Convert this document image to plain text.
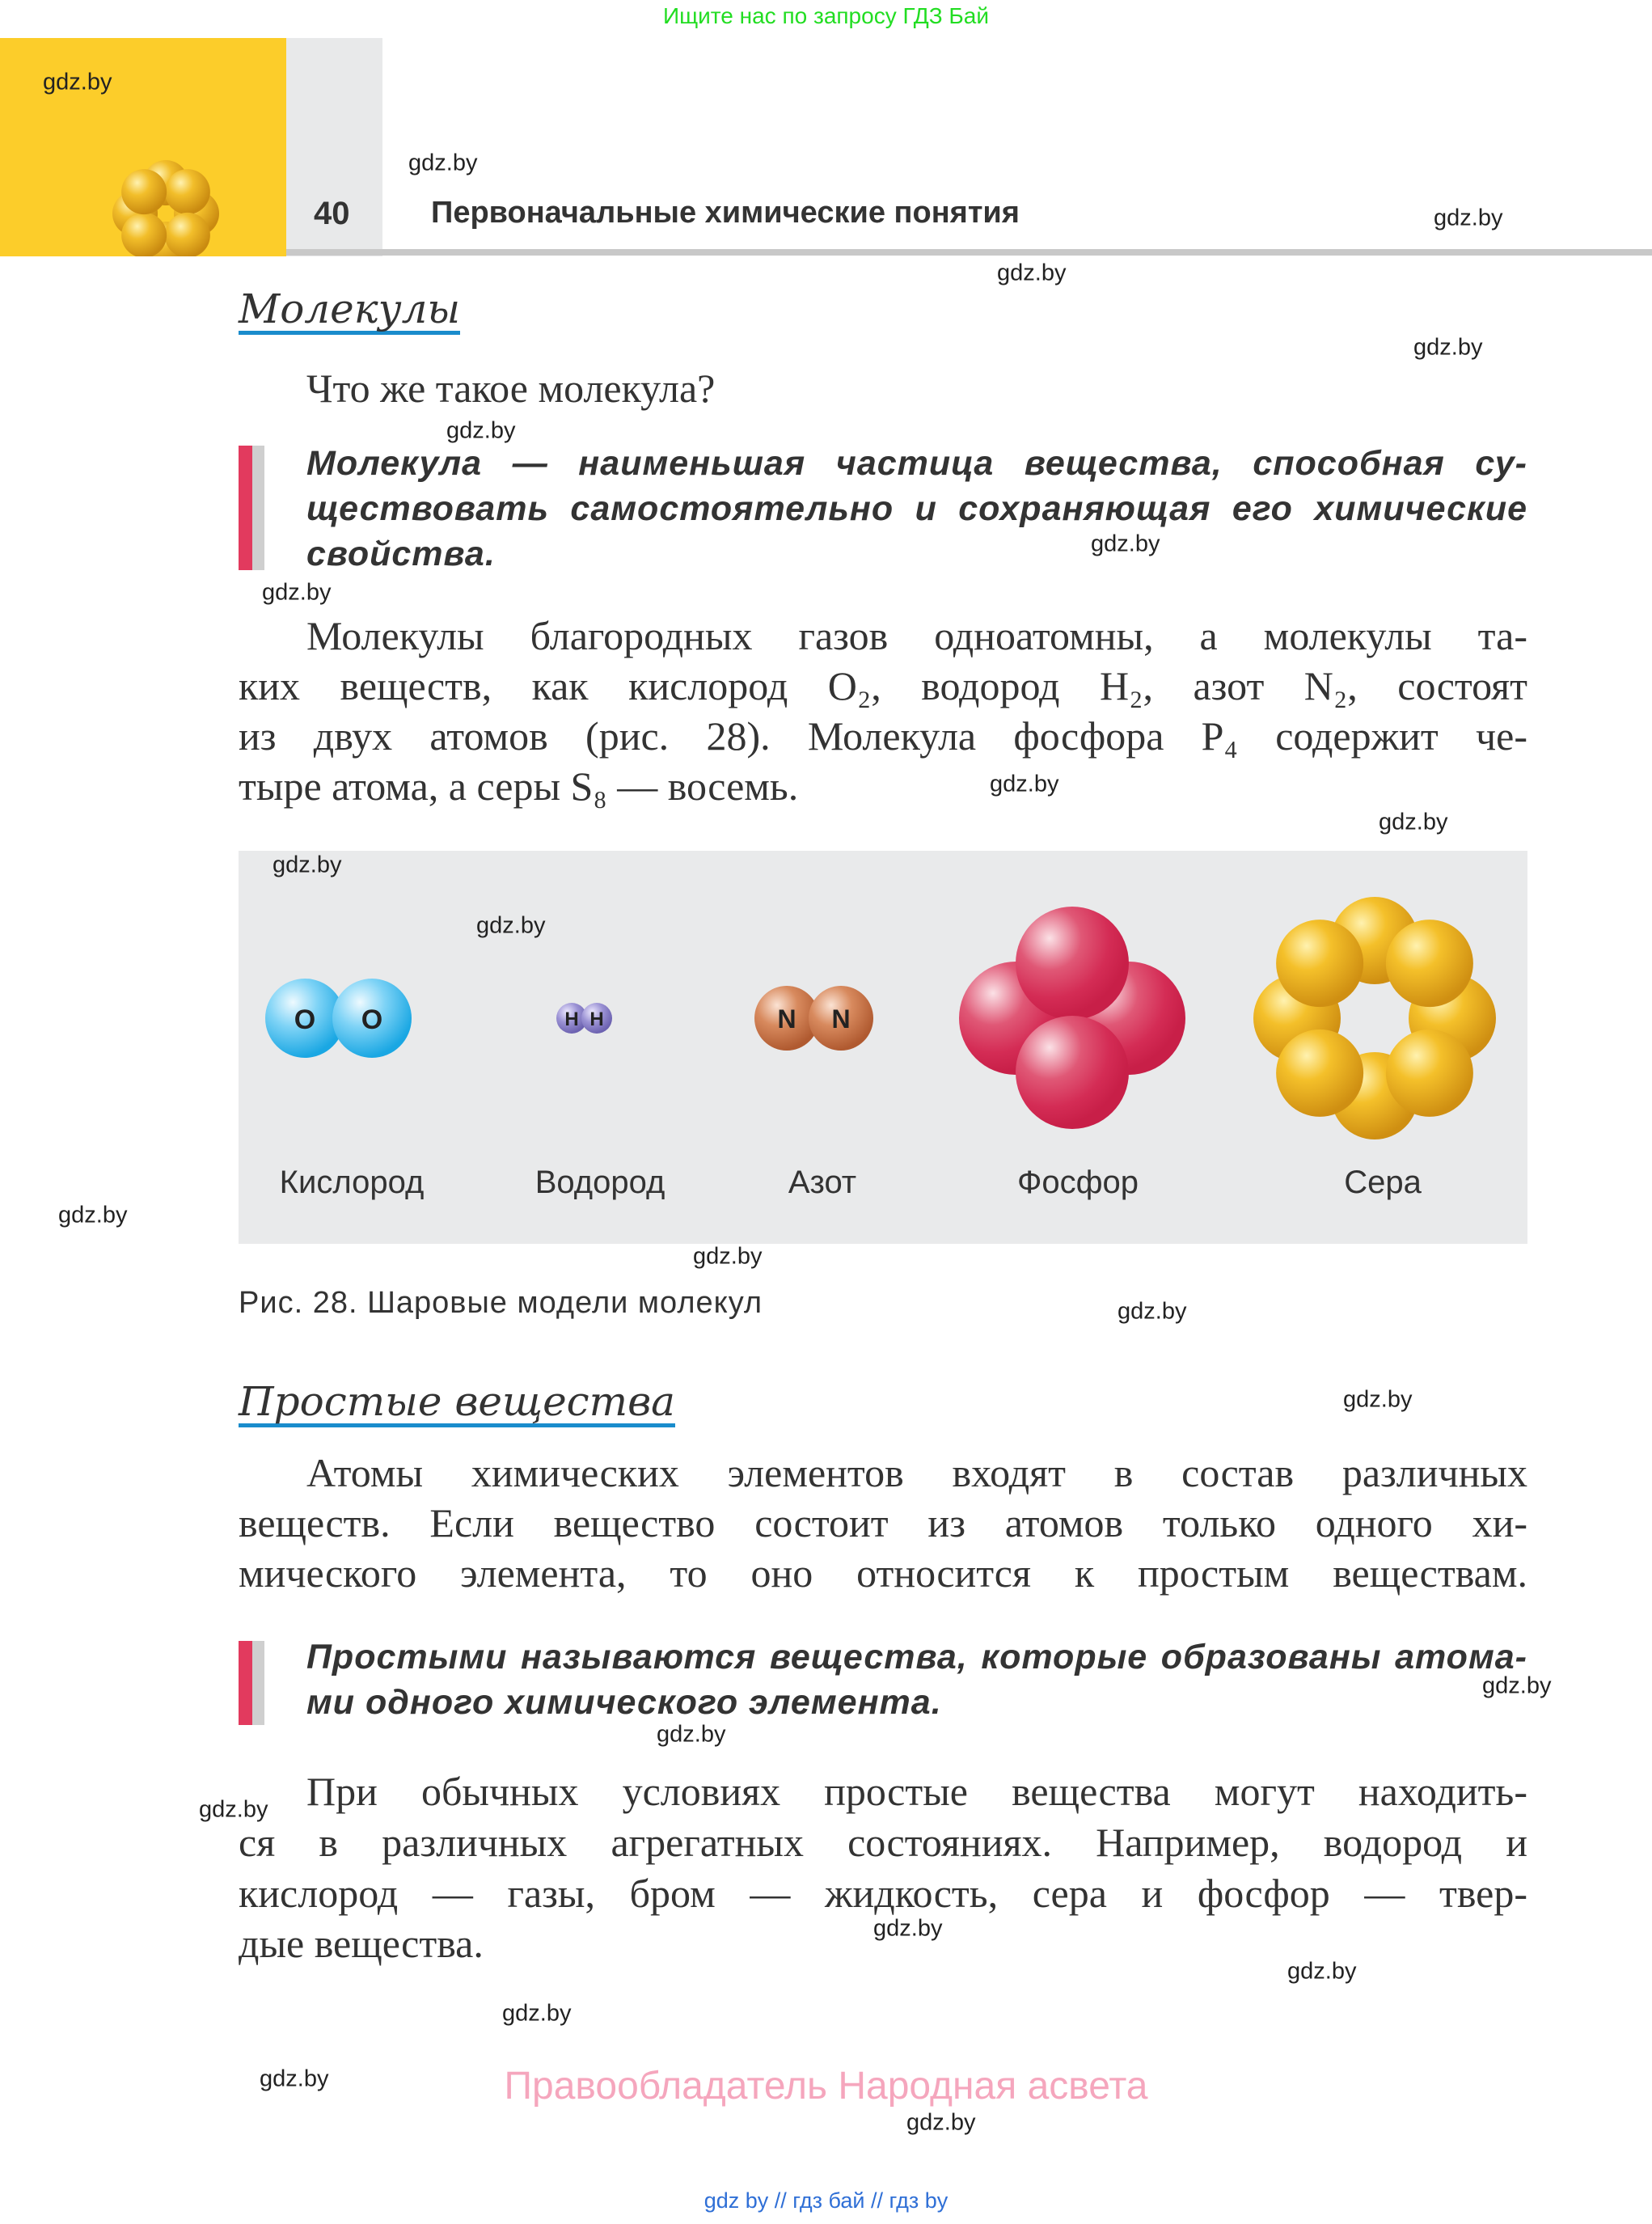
Ищите нас по запросу ГДЗ Бай
40	Первоначальные химические понятия
Молекулы
Что же такое молекула?
Молекула — наименьшая частица вещества, способная су-
ществовать самостоятельно и сохраняющая его химические
свойства.
Молекулы благородных газов одноатомны, а молекулы та-
ких веществ, как кислород O₂, водород H₂, азот N₂, состоят
из двух атомов (рис. 28). Молекула фосфора P₄ содержит че-
тыре атома, а серы S₈ — восемь.
O O	H H	N N
Кислород	Водород	Азот	Фосфор	Сера
Рис. 28. Шаровые модели молекул
Простые вещества
Атомы химических элементов входят в состав различных
веществ. Если вещество состоит из атомов только одного хи-
мического элемента, то оно относится к простым веществам.
Простыми называются вещества, которые образованы атома-
ми одного химического элемента.
При обычных условиях простые вещества могут находить-
ся в различных агрегатных состояниях. Например, водород и
кислород — газы, бром — жидкость, сера и фосфор — твер-
дые вещества.
gdz.by
gdz.by
gdz.by
gdz.by
gdz.by
gdz.by
gdz.by
gdz.by
gdz.by
gdz.by
gdz.by
gdz.by
gdz.by
gdz.by
gdz.by
gdz.by
gdz.by
gdz.by
gdz.by
gdz.by
gdz.by
gdz.by
gdz.by
gdz.by
Правообладатель Народная асвета
gdz by // гдз бай // гдз by
